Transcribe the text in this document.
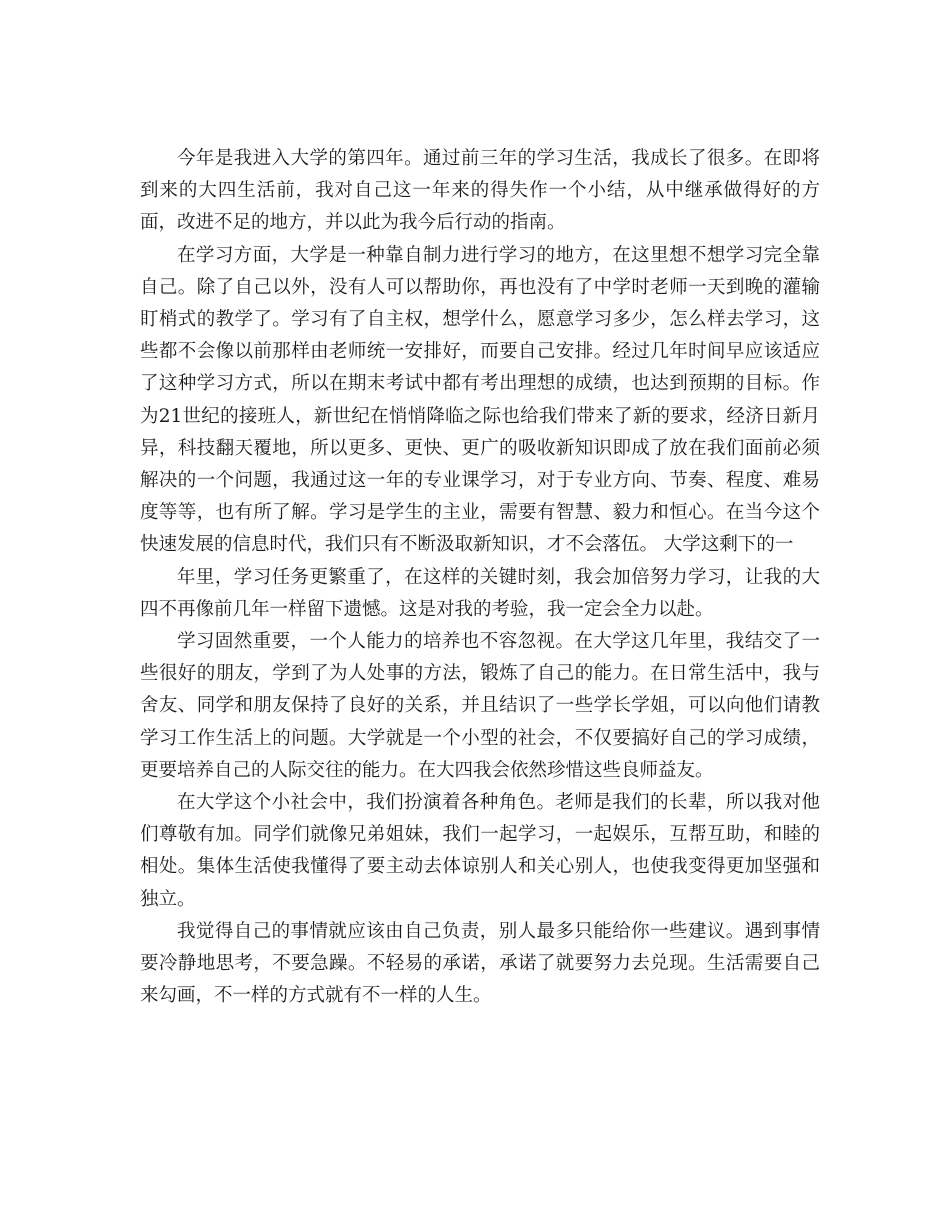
今年是我进入大学的第四年。通过前三年的学习生活，我成长了很多。在即将到来的大四生活前，我对自己这一年来的得失作一个小结，从中继承做得好的方面，改进不足的地方，并以此为我今后行动的指南。

在学习方面，大学是一种靠自制力进行学习的地方，在这里想不想学习完全靠自己。除了自己以外，没有人可以帮助你，再也没有了中学时老师一天到晚的灌输盯梢式的教学了。学习有了自主权，想学什么，愿意学习多少，怎么样去学习，这些都不会像以前那样由老师统一安排好，而要自己安排。经过几年时间早应该适应了这种学习方式，所以在期末考试中都有考出理想的成绩，也达到预期的目标。作为21世纪的接班人，新世纪在悄悄降临之际也给我们带来了新的要求，经济日新月异，科技翻天覆地，所以更多、更快、更广的吸收新知识即成了放在我们面前必须解决的一个问题，我通过这一年的专业课学习，对于专业方向、节奏、程度、难易度等等，也有所了解。学习是学生的主业，需要有智慧、毅力和恒心。在当今这个快速发展的信息时代，我们只有不断汲取新知识，才不会落伍。 大学这剩下的一

年里，学习任务更繁重了，在这样的关键时刻，我会加倍努力学习，让我的大四不再像前几年一样留下遗憾。这是对我的考验，我一定会全力以赴。

学习固然重要，一个人能力的培养也不容忽视。在大学这几年里，我结交了一些很好的朋友，学到了为人处事的方法，锻炼了自己的能力。在日常生活中，我与舍友、同学和朋友保持了良好的关系，并且结识了一些学长学姐，可以向他们请教学习工作生活上的问题。大学就是一个小型的社会，不仅要搞好自己的学习成绩，更要培养自己的人际交往的能力。在大四我会依然珍惜这些良师益友。

在大学这个小社会中，我们扮演着各种角色。老师是我们的长辈，所以我对他们尊敬有加。同学们就像兄弟姐妹，我们一起学习，一起娱乐，互帮互助，和睦的相处。集体生活使我懂得了要主动去体谅别人和关心别人，也使我变得更加坚强和独立。

我觉得自己的事情就应该由自己负责，别人最多只能给你一些建议。遇到事情要冷静地思考，不要急躁。不轻易的承诺，承诺了就要努力去兑现。生活需要自己来勾画，不一样的方式就有不一样的人生。
